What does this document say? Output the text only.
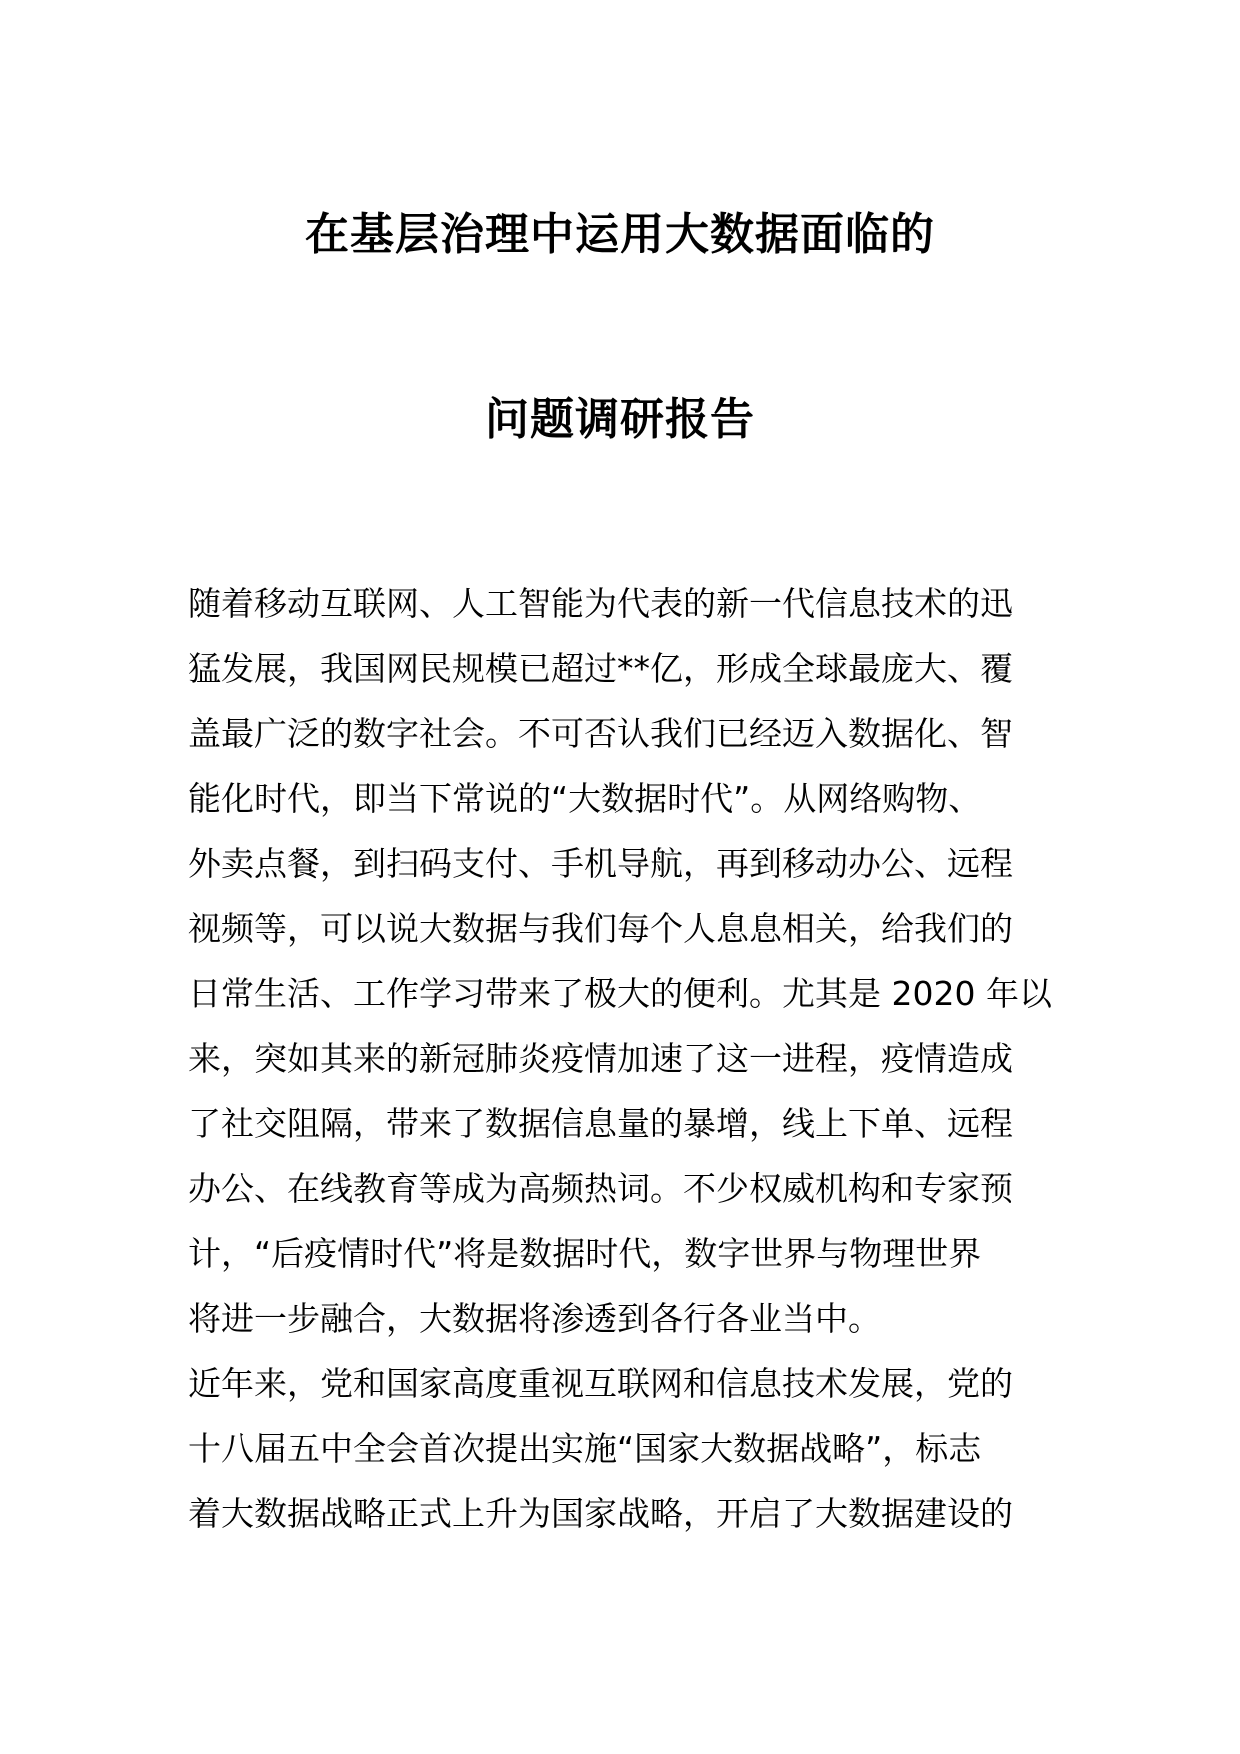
在基层治理中运用大数据面临的
问题调研报告
随着移动互联网、人工智能为代表的新一代信息技术的迅
猛发展，我国网民规模已超过**亿，形成全球最庞大、覆
盖最广泛的数字社会。不可否认我们已经迈入数据化、智
能化时代，即当下常说的“大数据时代”。从网络购物、
外卖点餐，到扫码支付、手机导航，再到移动办公、远程
视频等，可以说大数据与我们每个人息息相关，给我们的
日常生活、工作学习带来了极大的便利。尤其是 2020 年以
来，突如其来的新冠肺炎疫情加速了这一进程，疫情造成
了社交阻隔，带来了数据信息量的暴增，线上下单、远程
办公、在线教育等成为高频热词。不少权威机构和专家预
计，“后疫情时代”将是数据时代，数字世界与物理世界
将进一步融合，大数据将渗透到各行各业当中。
近年来，党和国家高度重视互联网和信息技术发展，党的
十八届五中全会首次提出实施“国家大数据战略”，标志
着大数据战略正式上升为国家战略，开启了大数据建设的
